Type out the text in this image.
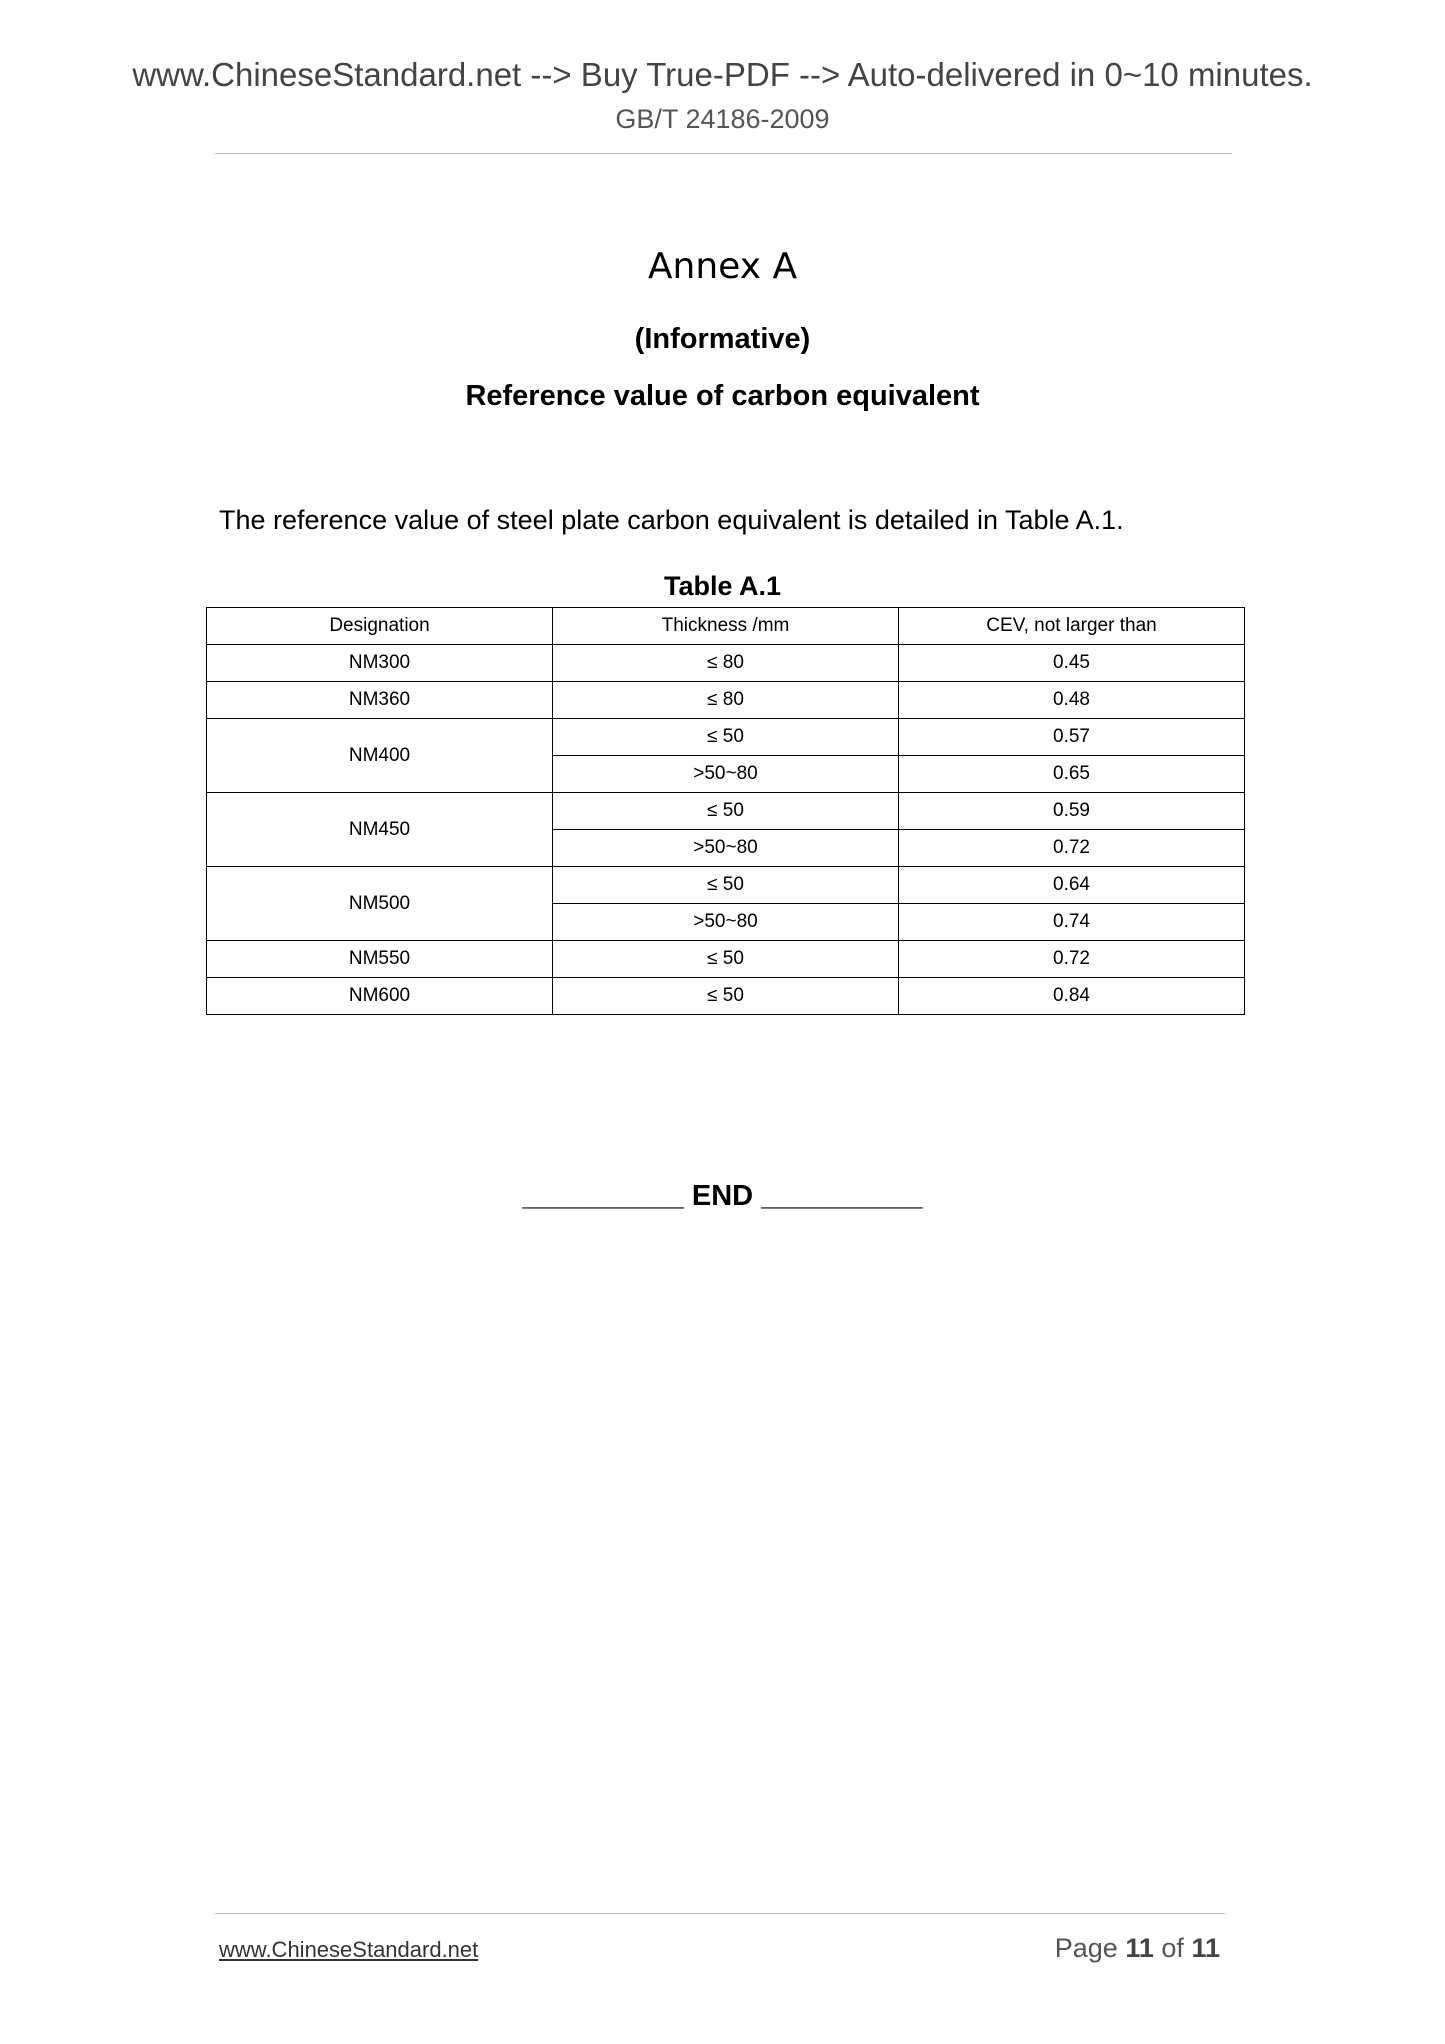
www.ChineseStandard.net --> Buy True-PDF --> Auto-delivered in 0~10 minutes.
GB/T 24186-2009
Annex A
(Informative)
Reference value of carbon equivalent
The reference value of steel plate carbon equivalent is detailed in Table A.1.
Table A.1
Designation	Thickness /mm	CEV, not larger than
NM300	≤ 80	0.45
NM360	≤ 80	0.48
NM400	≤ 50	0.57
	>50~80	0.65
NM450	≤ 50	0.59
	>50~80	0.72
NM500	≤ 50	0.64
	>50~80	0.74
NM550	≤ 50	0.72
NM600	≤ 50	0.84
__________ END __________
www.ChineseStandard.net	Page 11 of 11
